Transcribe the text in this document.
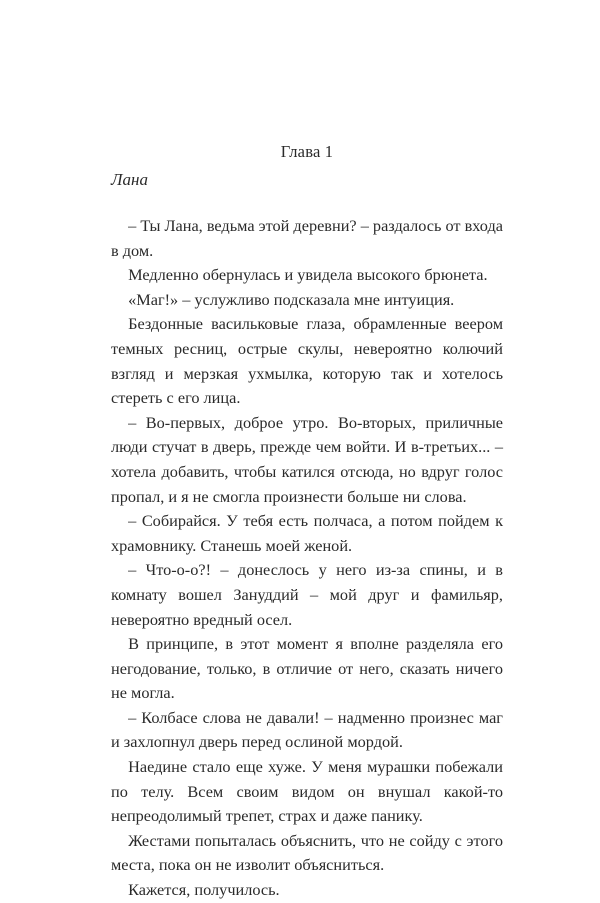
Глава 1
Лана

– Ты Лана, ведьма этой деревни? – раздалось от входа в дом.

Медленно обернулась и увидела высокого брюнета.

«Маг!» – услужливо подсказала мне интуиция.

Бездонные васильковые глаза, обрамленные веером темных ресниц, острые скулы, невероятно колючий взгляд и мерзкая ухмылка, которую так и хотелось стереть с его лица.

– Во-первых, доброе утро. Во-вторых, приличные люди стучат в дверь, прежде чем войти. И в-третьих... – хотела добавить, чтобы катился отсюда, но вдруг голос пропал, и я не смогла произнести больше ни слова.

– Собирайся. У тебя есть полчаса, а потом пойдем к храмовнику. Станешь моей женой.

– Что-о-о?! – донеслось у него из-за спины, и в комнату вошел Зануддий – мой друг и фамильяр, невероятно вредный осел.

В принципе, в этот момент я вполне разделяла его негодование, только, в отличие от него, сказать ничего не могла.

– Колбасе слова не давали! – надменно произнес маг и захлопнул дверь перед ослиной мордой.

Наедине стало еще хуже. У меня мурашки побежали по телу. Всем своим видом он внушал какой-то непреодолимый трепет, страх и даже панику.

Жестами попыталась объяснить, что не сойду с этого места, пока он не изволит объясниться.

Кажется, получилось.
